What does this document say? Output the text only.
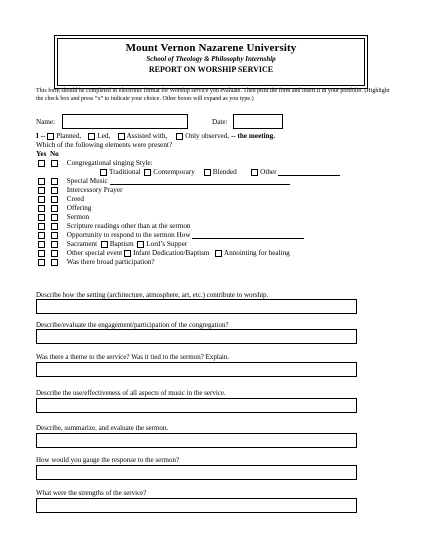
Mount Vernon Nazarene University
School of Theology & Philosophy Internship
REPORT ON WORSHIP SERVICE
This form should be completed in electronic format for Worship service you evaluate. Then print the form and insert it in your portfolio. (Highlight the check box and press “x” to indicate your choice. Other boxes will expand as you type.)
Name:	Date:
I -- Planned, Led, Assisted with, Only observed, -- the meeting.
Which of the following elements were present?
Yes No
Congregational singing Style:
Traditional Contemporary Blended	Other
Special Music
Intercessory Prayer
Creed
Offering
Sermon
Scripture readings other than at the sermon
Opportunity to respond to the sermon How
Sacrament Baptism Lord’s Supper
Other special event Infant Dedication/Baptism Annointing for healing
Was there broad participation?
Describe how the setting (architecture, atmosphere, art, etc.) contribute to worship.
Describe/evaluate the engagement/participation of the congregation?
Was there a theme to the service? Was it tied to the sermon? Explain.
Describe the use/effectiveness of all aspects of music in the service.
Describe, summarize, and evaluate the sermon.
How would you gauge the response to the sermon?
What were the strengths of the service?
